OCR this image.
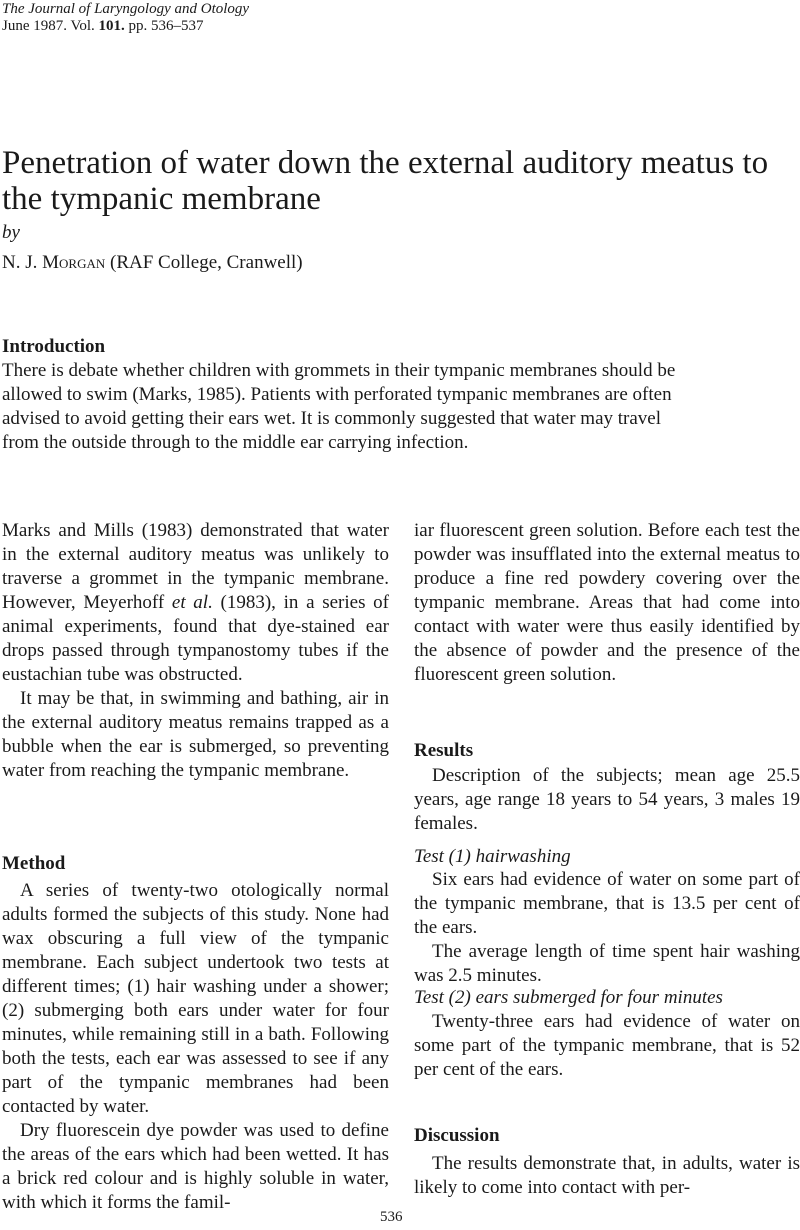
The Journal of Laryngology and Otology
June 1987. Vol. 101. pp. 536–537
Penetration of water down the external auditory meatus to the tympanic membrane
by
N. J. Morgan (RAF College, Cranwell)
Introduction
There is debate whether children with grommets in their tympanic membranes should be allowed to swim (Marks, 1985). Patients with perforated tympanic membranes are often advised to avoid getting their ears wet. It is commonly suggested that water may travel from the outside through to the middle ear carrying infection.

Marks and Mills (1983) demonstrated that water in the external auditory meatus was unlikely to traverse a grommet in the tympanic membrane. However, Meyerhoff et al. (1983), in a series of animal experiments, found that dye-stained ear drops passed through tympanostomy tubes if the eustachian tube was obstructed.

It may be that, in swimming and bathing, air in the external auditory meatus remains trapped as a bubble when the ear is submerged, so preventing water from reaching the tympanic membrane.

Method

A series of twenty-two otologically normal adults formed the subjects of this study. None had wax obscuring a full view of the tympanic membrane. Each subject undertook two tests at different times; (1) hair washing under a shower; (2) submerging both ears under water for four minutes, while remaining still in a bath. Following both the tests, each ear was assessed to see if any part of the tympanic membranes had been contacted by water.

Dry fluorescein dye powder was used to define the areas of the ears which had been wetted. It has a brick red colour and is highly soluble in water, with which it forms the famil-

iar fluorescent green solution. Before each test the powder was insufflated into the external meatus to produce a fine red powdery covering over the tympanic membrane. Areas that had come into contact with water were thus easily identified by the absence of powder and the presence of the fluorescent green solution.
Results
Description of the subjects; mean age 25.5 years, age range 18 years to 54 years, 3 males 19 females.
Test (1) hairwashing

Six ears had evidence of water on some part of the tympanic membrane, that is 13.5 per cent of the ears.

The average length of time spent hair washing was 2.5 minutes.

Test (2) ears submerged for four minutes
Twenty-three ears had evidence of water on some part of the tympanic membrane, that is 52 per cent of the ears.
Discussion
The results demonstrate that, in adults, water is likely to come into contact with per-
536
